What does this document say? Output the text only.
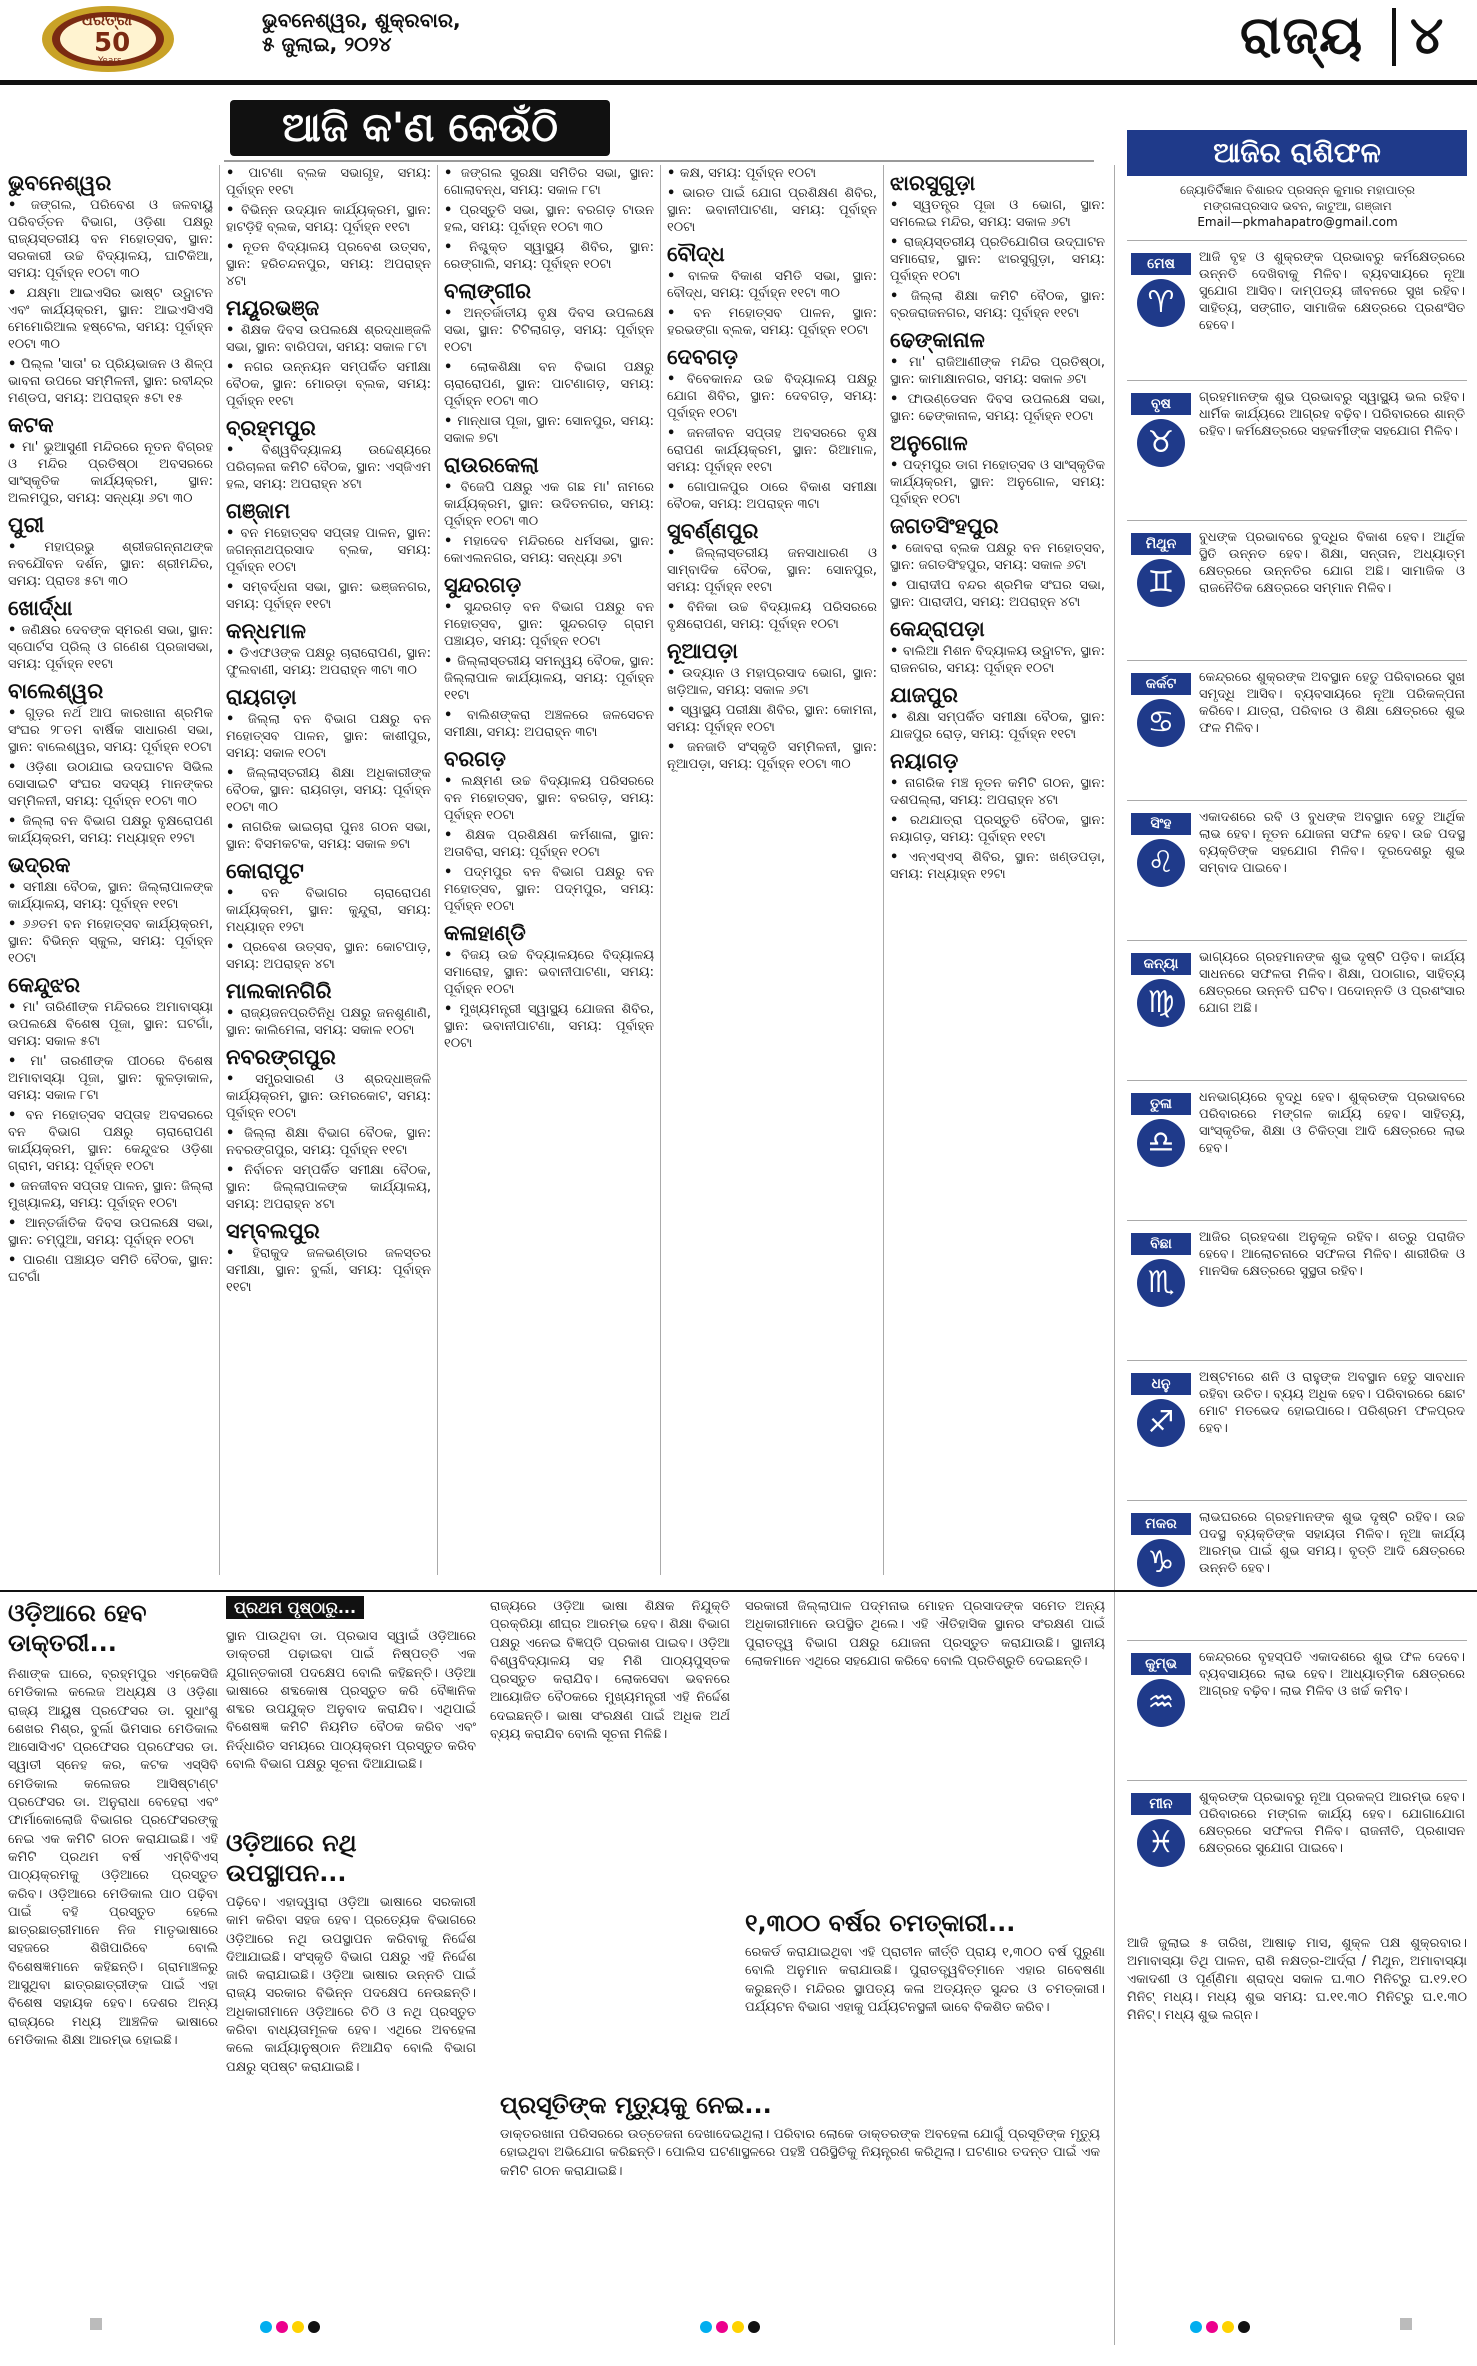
ଧରିତ୍ରୀ
50
Years
ଭୁବନେଶ୍ୱର, ଶୁକ୍ରବାର,
୫ ଜୁଲାଇ, ୨୦୨୪	ରାଜ୍ୟ ୪
ଆଜି କ'ଣ କେଉଁଠି
ଭୁବନେଶ୍ୱର
• ଜଙ୍ଗଲ, ପରିବେଶ ଓ ଜଳବାୟୁ ପରିବର୍ତ୍ତନ ବିଭାଗ, ଓଡ଼ିଶା ପକ୍ଷରୁ ରାଜ୍ୟସ୍ତରୀୟ ବନ ମହୋତ୍ସବ, ସ୍ଥାନ: ସରକାରୀ ଉଚ୍ଚ ବିଦ୍ୟାଳୟ, ଘାଟିକିଆ, ସମୟ: ପୂର୍ବାହ୍ନ ୧୦ଟା ୩୦
• ଯକ୍ଷ୍ମା ଆଇଏସିର ଭାଷ୍ଟ ଉଦ୍ଘାଟନ ଏବଂ କାର୍ଯ୍ୟକ୍ରମ, ସ୍ଥାନ: ଆଇଏସିଏସି ମେମୋରିଆଲ ହଷ୍ଟେଲ, ସମୟ: ପୂର୍ବାହ୍ନ ୧୦ଟା ୩୦
• ପିଲ୍ଲ 'ସାତା' ର ପ୍ରିୟଭାଜନ ଓ ଶିଳ୍ପ ଭାବନା ଉପରେ ସମ୍ମିଳନୀ, ସ୍ଥାନ: ରବୀନ୍ଦ୍ର ମଣ୍ଡପ, ସମୟ: ଅପରାହ୍ନ ୫ଟା ୧୫
କଟକ
• ମା' ଭୁଆସୁଣୀ ମନ୍ଦିରରେ ନୂତନ ବିଗ୍ରହ ଓ ମନ୍ଦିର ପ୍ରତିଷ୍ଠା ଅବସରରେ ସାଂସ୍କୃତିକ କାର୍ଯ୍ୟକ୍ରମ, ସ୍ଥାନ: ଅଲମପୁର, ସମୟ: ସନ୍ଧ୍ୟା ୬ଟା ୩୦
ପୁରୀ
• ମହାପ୍ରଭୁ ଶ୍ରୀଜଗନ୍ନାଥଙ୍କ ନବଯୌବନ ଦର୍ଶନ, ସ୍ଥାନ: ଶ୍ରୀମନ୍ଦିର, ସମୟ: ପ୍ରାତଃ ୫ଟା ୩୦
ଖୋର୍ଦ୍ଧା
• ଜଣିକ୍ଷର ଦେବଙ୍କ ସ୍ମରଣ ସଭା, ସ୍ଥାନ: ସ୍ପୋର୍ଟସ ପ୍ରିଲ୍ ଓ ଗଣେଶ ପ୍ରଜାସଭା, ସମୟ: ପୂର୍ବାହ୍ନ ୧୧ଟା
ବାଲେଶ୍ୱର
• ଗୁଡ଼ର ନର୍ଥ ଆପ କାରଖାନା ଶ୍ରମିକ ସଂଘର ୨୮ତମ ବାର୍ଷିକ ସାଧାରଣ ସଭା, ସ୍ଥାନ: ବାଲେଶ୍ୱର, ସମୟ: ପୂର୍ବାହ୍ନ ୧୦ଟା
• ଓଡ଼ିଶା ଉଠାଯାଇ ଉଦଘାଟନ ସିଭିଲ ସୋସାଇଟି ସଂଘର ସଦସ୍ୟ ମାନଙ୍କର ସମ୍ମିଳନୀ, ସମୟ: ପୂର୍ବାହ୍ନ ୧୦ଟା ୩୦
• ଜିଲ୍ଲା ବନ ବିଭାଗ ପକ୍ଷରୁ ବୃକ୍ଷରୋପଣ କାର୍ଯ୍ୟକ୍ରମ, ସମୟ: ମଧ୍ୟାହ୍ନ ୧୨ଟା
ଭଦ୍ରକ
• ସମୀକ୍ଷା ବୈଠକ, ସ୍ଥାନ: ଜିଲ୍ଲାପାଳଙ୍କ କାର୍ଯ୍ୟାଳୟ, ସମୟ: ପୂର୍ବାହ୍ନ ୧୧ଟା
• ୬୬ତମ ବନ ମହୋତ୍ସବ କାର୍ଯ୍ୟକ୍ରମ, ସ୍ଥାନ: ବିଭିନ୍ନ ସ୍କୁଲ, ସମୟ: ପୂର୍ବାହ୍ନ ୧୦ଟା
କେନ୍ଦୁଝର
• ମା' ତାରିଣୀଙ୍କ ମନ୍ଦିରରେ ଅମାବାସ୍ୟା ଉପଲକ୍ଷେ ବିଶେଷ ପୂଜା, ସ୍ଥାନ: ଘଟଗାଁ, ସମୟ: ସକାଳ ୫ଟା
• ମା' ତାରଣୀଙ୍କ ପୀଠରେ ବିଶେଷ ଅମାବାସ୍ୟା ପୂଜା, ସ୍ଥାନ: କୁଳଡ଼ାକାଳ, ସମୟ: ସକାଳ ୮ଟା
• ବନ ମହୋତ୍ସବ ସପ୍ତାହ ଅବସରରେ ବନ ବିଭାଗ ପକ୍ଷରୁ ଚାରାରୋପଣ କାର୍ଯ୍ୟକ୍ରମ, ସ୍ଥାନ: କେନ୍ଦୁଝର ଓଡ଼ିଶା ଗ୍ରାମ, ସମୟ: ପୂର୍ବାହ୍ନ ୧୦ଟା
• ଜନଜୀବନ ସପ୍ତାହ ପାଳନ, ସ୍ଥାନ: ଜିଲ୍ଲା ମୁଖ୍ୟାଳୟ, ସମୟ: ପୂର୍ବାହ୍ନ ୧୦ଟା
• ଆନ୍ତର୍ଜାତିକ ଦିବସ ଉପଲକ୍ଷେ ସଭା, ସ୍ଥାନ: ଚମ୍ପୁଆ, ସମୟ: ପୂର୍ବାହ୍ନ ୧୦ଟା
• ପାରଣା ପଞ୍ଚାୟତ ସମିତି ବୈଠକ, ସ୍ଥାନ: ଘଟଗାଁ
• ପାଟଣା ବ୍ଲକ ସଭାଗୃହ, ସମୟ: ପୂର୍ବାହ୍ନ ୧୧ଟା
• ବିଭିନ୍ନ ଉଦ୍ୟାନ କାର୍ଯ୍ୟକ୍ରମ, ସ୍ଥାନ: ହାଟଡ଼ିହି ବ୍ଲକ, ସମୟ: ପୂର୍ବାହ୍ନ ୧୧ଟା
• ନୂତନ ବିଦ୍ୟାଳୟ ପ୍ରବେଶ ଉତ୍ସବ, ସ୍ଥାନ: ହରିଚନ୍ଦନପୁର, ସମୟ: ଅପରାହ୍ନ ୪ଟା
ମୟୂରଭଞ୍ଜ
• ଶିକ୍ଷକ ଦିବସ ଉପଲକ୍ଷେ ଶ୍ରଦ୍ଧାଞ୍ଜଳି ସଭା, ସ୍ଥାନ: ବାରିପଦା, ସମୟ: ସକାଳ ୮ଟା
• ନଗର ଉନ୍ନୟନ ସମ୍ପର୍କିତ ସମୀକ୍ଷା ବୈଠକ, ସ୍ଥାନ: ମୋରଡ଼ା ବ୍ଲକ, ସମୟ: ପୂର୍ବାହ୍ନ ୧୧ଟା
ବ୍ରହ୍ମପୁର
• ବିଶ୍ୱବିଦ୍ୟାଳୟ ଉଦ୍ଦେଶ୍ୟରେ ପରିଚାଳନା କମିଟି ବୈଠକ, ସ୍ଥାନ: ଏସ୍‌ଜିଏମ ହଲ, ସମୟ: ଅପରାହ୍ନ ୪ଟା
ଗଞ୍ଜାମ
• ବନ ମହୋତ୍ସବ ସପ୍ତାହ ପାଳନ, ସ୍ଥାନ: ଜଗନ୍ନାଥପ୍ରସାଦ ବ୍ଲକ, ସମୟ: ପୂର୍ବାହ୍ନ ୧୦ଟା
• ସମ୍ବର୍ଦ୍ଧନା ସଭା, ସ୍ଥାନ: ଭଞ୍ଜନଗର, ସମୟ: ପୂର୍ବାହ୍ନ ୧୧ଟା
କନ୍ଧମାଳ
• ଡିଏଫଓଙ୍କ ପକ୍ଷରୁ ଚାରାରୋପଣ, ସ୍ଥାନ: ଫୁଲବାଣୀ, ସମୟ: ଅପରାହ୍ନ ୩ଟା ୩୦
ରାୟଗଡ଼ା
• ଜିଲ୍ଲା ବନ ବିଭାଗ ପକ୍ଷରୁ ବନ ମହୋତ୍ସବ ପାଳନ, ସ୍ଥାନ: କାଶୀପୁର, ସମୟ: ସକାଳ ୧୦ଟା
• ଜିଲ୍ଲାସ୍ତରୀୟ ଶିକ୍ଷା ଅଧିକାରୀଙ୍କ ବୈଠକ, ସ୍ଥାନ: ରାୟଗଡ଼ା, ସମୟ: ପୂର୍ବାହ୍ନ ୧୦ଟା ୩୦
• ନାଗରିକ ଭାଇଚାରା ପୁନଃ ଗଠନ ସଭା, ସ୍ଥାନ: ବିସମକଟକ, ସମୟ: ସକାଳ ୭ଟା
କୋରାପୁଟ
• ବନ ବିଭାଗର ଚାରାରୋପଣ କାର୍ଯ୍ୟକ୍ରମ, ସ୍ଥାନ: କୁନ୍ଦୁରା, ସମୟ: ମଧ୍ୟାହ୍ନ ୧୨ଟା
• ପ୍ରବେଶ ଉତ୍ସବ, ସ୍ଥାନ: କୋଟପାଡ଼, ସମୟ: ଅପରାହ୍ନ ୪ଟା
ମାଲକାନଗିରି
• ରାଜ୍ୟଜନପ୍ରତିନିଧି ପକ୍ଷରୁ ଜନଶୁଣାଣି, ସ୍ଥାନ: କାଲିମେଳା, ସମୟ: ସକାଳ ୧୦ଟା
ନବରଙ୍ଗପୁର
• ସମ୍ପ୍ରସାରଣ ଓ ଶ୍ରଦ୍ଧାଞ୍ଜଳି କାର୍ଯ୍ୟକ୍ରମ, ସ୍ଥାନ: ଉମରକୋଟ, ସମୟ: ପୂର୍ବାହ୍ନ ୧୦ଟା
• ଜିଲ୍ଲା ଶିକ୍ଷା ବିଭାଗ ବୈଠକ, ସ୍ଥାନ: ନବରଙ୍ଗପୁର, ସମୟ: ପୂର୍ବାହ୍ନ ୧୧ଟା
• ନିର୍ବାଚନ ସମ୍ପର୍କିତ ସମୀକ୍ଷା ବୈଠକ, ସ୍ଥାନ: ଜିଲ୍ଲାପାଳଙ୍କ କାର୍ଯ୍ୟାଳୟ, ସମୟ: ଅପରାହ୍ନ ୪ଟା
ସମ୍ବଲପୁର
• ହିରାକୁଦ ଜଳଭଣ୍ଡାର ଜଳସ୍ତର ସମୀକ୍ଷା, ସ୍ଥାନ: ବୁର୍ଲା, ସମୟ: ପୂର୍ବାହ୍ନ ୧୧ଟା
• ଜଙ୍ଗଲ ସୁରକ୍ଷା ସମିତିର ସଭା, ସ୍ଥାନ: ଗୋଲାବନ୍ଧ, ସମୟ: ସକାଳ ୮ଟା
• ପ୍ରସ୍ତୁତି ସଭା, ସ୍ଥାନ: ବରଗଡ଼ ଟାଉନ ହଲ, ସମୟ: ପୂର୍ବାହ୍ନ ୧୦ଟା ୩୦
• ନିଶ୍ଚୁକ୍ତ ସ୍ୱାସ୍ଥ୍ୟ ଶିବିର, ସ୍ଥାନ: ରେଙ୍ଗାଲି, ସମୟ: ପୂର୍ବାହ୍ନ ୧୦ଟା
ବଲାଙ୍ଗୀର
• ଅନ୍ତର୍ଜାତୀୟ ବୃକ୍ଷ ଦିବସ ଉପଲକ୍ଷେ ସଭା, ସ୍ଥାନ: ଟିଟିଲାଗଡ଼, ସମୟ: ପୂର୍ବାହ୍ନ ୧୦ଟା
• ଲୋକଶିକ୍ଷା ବନ ବିଭାଗ ପକ୍ଷରୁ ଚାରାରୋପଣ, ସ୍ଥାନ: ପାଟଣାଗଡ଼, ସମୟ: ପୂର୍ବାହ୍ନ ୧୦ଟା ୩୦
• ମାନ୍ଧାତା ପୂଜା, ସ୍ଥାନ: ସୋନପୁର, ସମୟ: ସକାଳ ୭ଟା
ରାଉରକେଲା
• ବିଜେପି ପକ୍ଷରୁ ଏକ ଗଛ ମା' ନାମରେ କାର୍ଯ୍ୟକ୍ରମ, ସ୍ଥାନ: ଉଦିତନଗର, ସମୟ: ପୂର୍ବାହ୍ନ ୧୦ଟା ୩୦
• ମହାଦେବ ମନ୍ଦିରରେ ଧର୍ମସଭା, ସ୍ଥାନ: କୋଏଲନଗର, ସମୟ: ସନ୍ଧ୍ୟା ୬ଟା
ସୁନ୍ଦରଗଡ଼
• ସୁନ୍ଦରଗଡ଼ ବନ ବିଭାଗ ପକ୍ଷରୁ ବନ ମହୋତ୍ସବ, ସ୍ଥାନ: ସୁନ୍ଦରଗଡ଼ ଗ୍ରାମ ପଞ୍ଚାୟତ, ସମୟ: ପୂର୍ବାହ୍ନ ୧୦ଟା
• ଜିଲ୍ଲାସ୍ତରୀୟ ସମନ୍ୱୟ ବୈଠକ, ସ୍ଥାନ: ଜିଲ୍ଲାପାଳ କାର୍ଯ୍ୟାଳୟ, ସମୟ: ପୂର୍ବାହ୍ନ ୧୧ଟା
• ବାଲିଶଙ୍କରା ଅଞ୍ଚଳରେ ଜଳସେଚନ ସମୀକ୍ଷା, ସମୟ: ଅପରାହ୍ନ ୩ଟା
ବରଗଡ଼
• ଲକ୍ଷ୍ମଣ ଉଚ୍ଚ ବିଦ୍ୟାଳୟ ପରିସରରେ ବନ ମହୋତ୍ସବ, ସ୍ଥାନ: ବରଗଡ଼, ସମୟ: ପୂର୍ବାହ୍ନ ୧୦ଟା
• ଶିକ୍ଷକ ପ୍ରଶିକ୍ଷଣ କର୍ମଶାଳା, ସ୍ଥାନ: ଅତାବିରା, ସମୟ: ପୂର୍ବାହ୍ନ ୧୦ଟା
• ପଦ୍ମପୁର ବନ ବିଭାଗ ପକ୍ଷରୁ ବନ ମହୋତ୍ସବ, ସ୍ଥାନ: ପଦ୍ମପୁର, ସମୟ: ପୂର୍ବାହ୍ନ ୧୦ଟା
କଳାହାଣ୍ଡି
• ବିଜୟ ଉଚ୍ଚ ବିଦ୍ୟାଳୟରେ ବିଦ୍ୟାଳୟ ସମାରୋହ, ସ୍ଥାନ: ଭବାନୀପାଟଣା, ସମୟ: ପୂର୍ବାହ୍ନ ୧୦ଟା
• ମୁଖ୍ୟମନ୍ତ୍ରୀ ସ୍ୱାସ୍ଥ୍ୟ ଯୋଜନା ଶିବିର, ସ୍ଥାନ: ଭବାନୀପାଟଣା, ସମୟ: ପୂର୍ବାହ୍ନ ୧୦ଟା
• କକ୍ଷ, ସମୟ: ପୂର୍ବାହ୍ନ ୧୦ଟା
• ଭାରତ ପାଇଁ ଯୋଗ ପ୍ରଶିକ୍ଷଣ ଶିବିର, ସ୍ଥାନ: ଭବାନୀପାଟଣା, ସମୟ: ପୂର୍ବାହ୍ନ ୧୦ଟା
ବୌଦ୍ଧ
• ବାଳକ ବିକାଶ ସମିତି ସଭା, ସ୍ଥାନ: ବୌଦ୍ଧ, ସମୟ: ପୂର୍ବାହ୍ନ ୧୧ଟା ୩୦
• ବନ ମହୋତ୍ସବ ପାଳନ, ସ୍ଥାନ: ହରଭଙ୍ଗା ବ୍ଲକ, ସମୟ: ପୂର୍ବାହ୍ନ ୧୦ଟା
ଦେବଗଡ଼
• ବିବେକାନନ୍ଦ ଉଚ୍ଚ ବିଦ୍ୟାଳୟ ପକ୍ଷରୁ ଯୋଗ ଶିବିର, ସ୍ଥାନ: ଦେବଗଡ଼, ସମୟ: ପୂର୍ବାହ୍ନ ୧୦ଟା
• ଜନଜୀବନ ସପ୍ତାହ ଅବସରରେ ବୃକ୍ଷ ରୋପଣ କାର୍ଯ୍ୟକ୍ରମ, ସ୍ଥାନ: ରିଆମାଳ, ସମୟ: ପୂର୍ବାହ୍ନ ୧୧ଟା
• ଗୋପାଳପୁର ଠାରେ ବିକାଶ ସମୀକ୍ଷା ବୈଠକ, ସମୟ: ଅପରାହ୍ନ ୩ଟା
ସୁବର୍ଣ୍ଣପୁର
• ଜିଲ୍ଲାସ୍ତରୀୟ ଜନସାଧାରଣ ଓ ସାମ୍ବାଦିକ ବୈଠକ, ସ୍ଥାନ: ସୋନପୁର, ସମୟ: ପୂର୍ବାହ୍ନ ୧୧ଟା
• ବିନିକା ଉଚ୍ଚ ବିଦ୍ୟାଳୟ ପରିସରରେ ବୃକ୍ଷରୋପଣ, ସମୟ: ପୂର୍ବାହ୍ନ ୧୦ଟା
ନୂଆପଡ଼ା
• ଉଦ୍ୟାନ ଓ ମହାପ୍ରସାଦ ଭୋଗ, ସ୍ଥାନ: ଖଡ଼ିଆଳ, ସମୟ: ସକାଳ ୬ଟା
• ସ୍ୱାସ୍ଥ୍ୟ ପରୀକ୍ଷା ଶିବିର, ସ୍ଥାନ: କୋମନା, ସମୟ: ପୂର୍ବାହ୍ନ ୧୦ଟା
• ଜନଜାତି ସଂସ୍କୃତି ସମ୍ମିଳନୀ, ସ୍ଥାନ: ନୂଆପଡ଼ା, ସମୟ: ପୂର୍ବାହ୍ନ ୧୦ଟା ୩୦
ଝାରସୁଗୁଡ଼ା
• ସ୍ୱତନ୍ତ୍ର ପୂଜା ଓ ଭୋଗ, ସ୍ଥାନ: ସମଲେଇ ମନ୍ଦିର, ସମୟ: ସକାଳ ୬ଟା
• ରାଜ୍ୟସ୍ତରୀୟ ପ୍ରତିଯୋଗିତା ଉଦ୍‌ଘାଟନ ସମାରୋହ, ସ୍ଥାନ: ଝାରସୁଗୁଡ଼ା, ସମୟ: ପୂର୍ବାହ୍ନ ୧୦ଟା
• ଜିଲ୍ଲା ଶିକ୍ଷା କମିଟି ବୈଠକ, ସ୍ଥାନ: ବ୍ରଜରାଜନଗର, ସମୟ: ପୂର୍ବାହ୍ନ ୧୧ଟା
ଢେଙ୍କାନାଳ
• ମା' ରାଜିଆଣୀଙ୍କ ମନ୍ଦିର ପ୍ରତିଷ୍ଠା, ସ୍ଥାନ: କାମାକ୍ଷାନଗର, ସମୟ: ସକାଳ ୬ଟା
• ଫାଉଣ୍ଡେସନ ଦିବସ ଉପଲକ୍ଷେ ସଭା, ସ୍ଥାନ: ଢେଙ୍କାନାଳ, ସମୟ: ପୂର୍ବାହ୍ନ ୧୦ଟା
ଅନୁଗୋଳ
• ପଦ୍ମପୁର ଡାଗ ମହୋତ୍ସବ ଓ ସାଂସ୍କୃତିକ କାର୍ଯ୍ୟକ୍ରମ, ସ୍ଥାନ: ଅନୁଗୋଳ, ସମୟ: ପୂର୍ବାହ୍ନ ୧୦ଟା
ଜଗତସିଂହପୁର
• ଜୋବରା ବ୍ଲକ ପକ୍ଷରୁ ବନ ମହୋତ୍ସବ, ସ୍ଥାନ: ଜଗତସିଂହପୁର, ସମୟ: ସକାଳ ୬ଟା
• ପାରାଦୀପ ବନ୍ଦର ଶ୍ରମିକ ସଂଘର ସଭା, ସ୍ଥାନ: ପାରାଦୀପ, ସମୟ: ଅପରାହ୍ନ ୪ଟା
କେନ୍ଦ୍ରାପଡ଼ା
• ବାଲିଆ ମିଶନ ବିଦ୍ୟାଳୟ ଉଦ୍ଘାଟନ, ସ୍ଥାନ: ରାଜନଗର, ସମୟ: ପୂର୍ବାହ୍ନ ୧୦ଟା
ଯାଜପୁର
• ଶିକ୍ଷା ସମ୍ପର୍କିତ ସମୀକ୍ଷା ବୈଠକ, ସ୍ଥାନ: ଯାଜପୁର ରୋଡ଼, ସମୟ: ପୂର୍ବାହ୍ନ ୧୧ଟା
ନୟାଗଡ଼
• ନାଗରିକ ମଞ୍ଚ ନୂତନ କମିଟି ଗଠନ, ସ୍ଥାନ: ଦଶପଲ୍ଲା, ସମୟ: ଅପରାହ୍ନ ୪ଟା
• ରଥଯାତ୍ରା ପ୍ରସ୍ତୁତି ବୈଠକ, ସ୍ଥାନ: ନୟାଗଡ଼, ସମୟ: ପୂର୍ବାହ୍ନ ୧୧ଟା
• ଏନ୍‌ଏସ୍‌ଏସ୍ ଶିବିର, ସ୍ଥାନ: ଖଣ୍ଡପଡ଼ା, ସମୟ: ମଧ୍ୟାହ୍ନ ୧୨ଟା
ଆଜିର ରାଶିଫଳ
ଜ୍ୟୋତିର୍ବିଜ୍ଞାନ ବିଶାରଦ ପ୍ରସନ୍ନ କୁମାର ମହାପାତ୍ର
ମଙ୍ଗଳାପ୍ରସାଦ ଭବନ, କାଟୁଆ, ଗଞ୍ଜାମ
Email—pkmahapatro@gmail.com
ମେଷ
♈
ଆଜି ବୃହ ଓ ଶୁକ୍ରଙ୍କ ପ୍ରଭାବରୁ କର୍ମକ୍ଷେତ୍ରରେ ଉନ୍ନତି ଦେଖିବାକୁ ମିଳିବ। ବ୍ୟବସାୟରେ ନୂଆ ସୁଯୋଗ ଆସିବ। ଦାମ୍ପତ୍ୟ ଜୀବନରେ ସୁଖ ରହିବ। ସାହିତ୍ୟ, ସଙ୍ଗୀତ, ସାମାଜିକ କ୍ଷେତ୍ରରେ ପ୍ରଶଂସିତ ହେବେ।
ବୃଷ
♉
ଗ୍ରହମାନଙ୍କ ଶୁଭ ପ୍ରଭାବରୁ ସ୍ୱାସ୍ଥ୍ୟ ଭଲ ରହିବ। ଧାର୍ମିକ କାର୍ଯ୍ୟରେ ଆଗ୍ରହ ବଢ଼ିବ। ପରିବାରରେ ଶାନ୍ତି ରହିବ। କର୍ମକ୍ଷେତ୍ରରେ ସହକର୍ମୀଙ୍କ ସହଯୋଗ ମିଳିବ।
ମିଥୁନ
♊
ବୁଧଙ୍କ ପ୍ରଭାବରେ ବୁଦ୍ଧିର ବିକାଶ ହେବ। ଆର୍ଥିକ ସ୍ଥିତି ଉନ୍ନତ ହେବ। ଶିକ୍ଷା, ସନ୍ତାନ, ଅଧ୍ୟାତ୍ମ କ୍ଷେତ୍ରରେ ଉନ୍ନତିର ଯୋଗ ଅଛି। ସାମାଜିକ ଓ ରାଜନୈତିକ କ୍ଷେତ୍ରରେ ସମ୍ମାନ ମିଳିବ।
କର୍କଟ
♋
କେନ୍ଦ୍ରରେ ଶୁକ୍ରଙ୍କ ଅବସ୍ଥାନ ହେତୁ ପରିବାରରେ ସୁଖ ସମୃଦ୍ଧି ଆସିବ। ବ୍ୟବସାୟରେ ନୂଆ ପରିକଳ୍ପନା କରିବେ। ଯାତ୍ରା, ପରିବାର ଓ ଶିକ୍ଷା କ୍ଷେତ୍ରରେ ଶୁଭ ଫଳ ମିଳିବ।
ସିଂହ
♌
ଏକାଦଶରେ ରବି ଓ ବୁଧଙ୍କ ଅବସ୍ଥାନ ହେତୁ ଆର୍ଥିକ ଲାଭ ହେବ। ନୂତନ ଯୋଜନା ସଫଳ ହେବ। ଉଚ୍ଚ ପଦସ୍ଥ ବ୍ୟକ୍ତିଙ୍କ ସହଯୋଗ ମିଳିବ। ଦୂରଦେଶରୁ ଶୁଭ ସମ୍ବାଦ ପାଇବେ।
କନ୍ୟା
♍
ଭାଗ୍ୟରେ ଗ୍ରହମାନଙ୍କ ଶୁଭ ଦୃଷ୍ଟି ପଡ଼ିବ। କାର୍ଯ୍ୟ ସାଧନରେ ସଫଳତା ମିଳିବ। ଶିକ୍ଷା, ପଠାଗାର, ସାହିତ୍ୟ କ୍ଷେତ୍ରରେ ଉନ୍ନତି ଘଟିବ। ପଦୋନ୍ନତି ଓ ପ୍ରଶଂସାର ଯୋଗ ଅଛି।
ତୁଳା
♎
ଧନଭାଗ୍ୟରେ ବୃଦ୍ଧି ହେବ। ଶୁକ୍ରଙ୍କ ପ୍ରଭାବରେ ପରିବାରରେ ମଙ୍ଗଳ କାର୍ଯ୍ୟ ହେବ। ସାହିତ୍ୟ, ସାଂସ୍କୃତିକ, ଶିକ୍ଷା ଓ ଚିକିତ୍ସା ଆଦି କ୍ଷେତ୍ରରେ ଲାଭ ହେବ।
ବିଛା
♏
ଆଜିର ଗ୍ରହଦଶା ଅନୁକୂଳ ରହିବ। ଶତ୍ରୁ ପରାଜିତ ହେବେ। ଆଲୋଚନାରେ ସଫଳତା ମିଳିବ। ଶାରୀରିକ ଓ ମାନସିକ କ୍ଷେତ୍ରରେ ସୁସ୍ଥତା ରହିବ।
ଧନୁ
♐
ଅଷ୍ଟମରେ ଶନି ଓ ରାହୁଙ୍କ ଅବସ୍ଥାନ ହେତୁ ସାବଧାନ ରହିବା ଉଚିତ। ବ୍ୟୟ ଅଧିକ ହେବ। ପରିବାରରେ ଛୋଟ ମୋଟ ମତଭେଦ ହୋଇପାରେ। ପରିଶ୍ରମ ଫଳପ୍ରଦ ହେବ।
ମକର
♑
ଲାଭଘରରେ ଗ୍ରହମାନଙ୍କ ଶୁଭ ଦୃଷ୍ଟି ରହିବ। ଉଚ୍ଚ ପଦସ୍ଥ ବ୍ୟକ୍ତିଙ୍କ ସହାୟତା ମିଳିବ। ନୂଆ କାର୍ଯ୍ୟ ଆରମ୍ଭ ପାଇଁ ଶୁଭ ସମୟ। ବୃତ୍ତି ଆଦି କ୍ଷେତ୍ରରେ ଉନ୍ନତି ହେବ।
କୁମ୍ଭ
♒
କେନ୍ଦ୍ରରେ ବୃହସ୍ପତି ଏକାଦଶରେ ଶୁଭ ଫଳ ଦେବେ। ବ୍ୟବସାୟରେ ଲାଭ ହେବ। ଆଧ୍ୟାତ୍ମିକ କ୍ଷେତ୍ରରେ ଆଗ୍ରହ ବଢ଼ିବ। ଲାଭ ମିଳିବ ଓ ଖର୍ଚ୍ଚ କମିବ।
ମୀନ
♓
ଶୁକ୍ରଙ୍କ ପ୍ରଭାବରୁ ନୂଆ ପ୍ରକଳ୍ପ ଆରମ୍ଭ ହେବ। ପରିବାରରେ ମଙ୍ଗଳ କାର୍ଯ୍ୟ ହେବ। ଯୋଗାଯୋଗ କ୍ଷେତ୍ରରେ ସଫଳତା ମିଳିବ। ରାଜନୀତି, ପ୍ରଶାସନ କ୍ଷେତ୍ରରେ ସୁଯୋଗ ପାଇବେ।
ଆଜି ଜୁଲାଇ ୫ ତାରିଖ, ଆଷାଢ଼ ମାସ, ଶୁକ୍ଳ ପକ୍ଷ ଶୁକ୍ରବାର। ଅମାବାସ୍ୟା ତିଥି ପାଳନ, ରାଶି ନକ୍ଷତ୍ର-ଆର୍ଦ୍ରା / ମିଥୁନ, ଅମାବାସ୍ୟା ଏକାଦଶୀ ଓ ପୂର୍ଣ୍ଣିମା ଶ୍ରାଦ୍ଧ ସକାଳ ଘ.୩୦ ମିନିଟ୍ରୁ ଘ.୧୨.୧୦ ମିନିଟ୍ ମଧ୍ୟ। ମଧ୍ୟ ଶୁଭ ସମୟ: ଘ.୧୧.୩୦ ମିନିଟ୍ରୁ ଘ.୧.୩୦ ମିନିଟ୍। ମଧ୍ୟ ଶୁଭ ଲଗ୍ନ।
ଓଡ଼ିଆରେ ହେବ ଡାକ୍ତରୀ...
ନିଶାଙ୍କ ଘାରେ, ବ୍ରହ୍ମପୁର ଏମ୍‌କେସିଜି ମେଡିକାଲ କଲେଜ ଅଧ୍ୟକ୍ଷ ଓ ଓଡ଼ିଶା ରାଜ୍ୟ ଆୟୁଷ ପ୍ରଫେସର ଡା. ସୁଧାଂଶୁ ଶେଖର ମିଶ୍ର, ବୁର୍ଲା ଭିମସାର ମେଡିକାଲ ଆସୋସିଏଟ ପ୍ରଫେସର ପ୍ରଫେସର ଡା. ସ୍ୱାତୀ ସ୍ନେହ କର, କଟକ ଏସ୍‌ସିବି ମେଡିକାଲ କଲେଜର ଆସିଷ୍ଟାଣ୍ଟ ପ୍ରଫେସର ଡା. ଅନୁରାଧା ବେହେରା ଏବଂ ଫାର୍ମାକୋଲୋଜି ବିଭାଗର ପ୍ରଫେସରଙ୍କୁ ନେଇ ଏକ କମିଟି ଗଠନ କରାଯାଇଛି। ଏହି କମିଟି ପ୍ରଥମ ବର୍ଷ ଏମ୍‌ବିବିଏସ୍ ପାଠ୍ୟକ୍ରମକୁ ଓଡ଼ିଆରେ ପ୍ରସ୍ତୁତ କରିବ। ଓଡ଼ିଆରେ ମେଡିକାଲ ପାଠ ପଢ଼ିବା ପାଇଁ ବହି ପ୍ରସ୍ତୁତ ହେଲେ ଛାତ୍ରଛାତ୍ରୀମାନେ ନିଜ ମାତୃଭାଷାରେ ସହଜରେ ଶିଖିପାରିବେ ବୋଲି ବିଶେଷଜ୍ଞମାନେ କହିଛନ୍ତି। ଗ୍ରାମାଞ୍ଚଳରୁ ଆସୁଥିବା ଛାତ୍ରଛାତ୍ରୀଙ୍କ ପାଇଁ ଏହା ବିଶେଷ ସହାୟକ ହେବ। ଦେଶର ଅନ୍ୟ ରାଜ୍ୟରେ ମଧ୍ୟ ଆଞ୍ଚଳିକ ଭାଷାରେ ମେଡିକାଲ ଶିକ୍ଷା ଆରମ୍ଭ ହୋଇଛି।
ପ୍ରଥମ ପୃଷ୍ଠାରୁ...
ସ୍ଥାନ ପାଉଥିବା ଡା. ପ୍ରଭାସ ସ୍ୱାଇଁ ଓଡ଼ିଆରେ ଡାକ୍ତରୀ ପଢ଼ାଇବା ପାଇଁ ନିଷ୍ପତ୍ତି ଏକ ଯୁଗାନ୍ତକାରୀ ପଦକ୍ଷେପ ବୋଲି କହିଛନ୍ତି। ଓଡ଼ିଆ ଭାଷାରେ ଶବ୍ଦକୋଷ ପ୍ରସ୍ତୁତ କରି ବୈଜ୍ଞାନିକ ଶବ୍ଦର ଉପଯୁକ୍ତ ଅନୁବାଦ କରାଯିବ। ଏଥିପାଇଁ ବିଶେଷଜ୍ଞ କମିଟି ନିୟମିତ ବୈଠକ କରିବ ଏବଂ ନିର୍ଦ୍ଧାରିତ ସମୟରେ ପାଠ୍ୟକ୍ରମ ପ୍ରସ୍ତୁତ କରିବ ବୋଲି ବିଭାଗ ପକ୍ଷରୁ ସୂଚନା ଦିଆଯାଇଛି।
ଓଡ଼ିଆରେ ନଥି ଉପସ୍ଥାପନ...
ପଢ଼ିବେ। ଏହାଦ୍ୱାରା ଓଡ଼ିଆ ଭାଷାରେ ସରକାରୀ କାମ କରିବା ସହଜ ହେବ। ପ୍ରତ୍ୟେକ ବିଭାଗରେ ଓଡ଼ିଆରେ ନଥି ଉପସ୍ଥାପନ କରିବାକୁ ନିର୍ଦ୍ଦେଶ ଦିଆଯାଇଛି। ସଂସ୍କୃତି ବିଭାଗ ପକ୍ଷରୁ ଏହି ନିର୍ଦ୍ଦେଶ ଜାରି କରାଯାଇଛି। ଓଡ଼ିଆ ଭାଷାର ଉନ୍ନତି ପାଇଁ ରାଜ୍ୟ ସରକାର ବିଭିନ୍ନ ପଦକ୍ଷେପ ନେଉଛନ୍ତି। ଅଧିକାରୀମାନେ ଓଡ଼ିଆରେ ଚିଠି ଓ ନଥି ପ୍ରସ୍ତୁତ କରିବା ବାଧ୍ୟତାମୂଳକ ହେବ। ଏଥିରେ ଅବହେଳା କଲେ କାର୍ଯ୍ୟାନୁଷ୍ଠାନ ନିଆଯିବ ବୋଲି ବିଭାଗ ପକ୍ଷରୁ ସ୍ପଷ୍ଟ କରାଯାଇଛି।
ରାଜ୍ୟରେ ଓଡ଼ିଆ ଭାଷା ଶିକ୍ଷକ ନିଯୁକ୍ତି ପ୍ରକ୍ରିୟା ଶୀଘ୍ର ଆରମ୍ଭ ହେବ। ଶିକ୍ଷା ବିଭାଗ ପକ୍ଷରୁ ଏନେଇ ବିଜ୍ଞପ୍ତି ପ୍ରକାଶ ପାଇବ। ଓଡ଼ିଆ ବିଶ୍ୱବିଦ୍ୟାଳୟ ସହ ମିଶି ପାଠ୍ୟପୁସ୍ତକ ପ୍ରସ୍ତୁତ କରାଯିବ। ଲୋକସେବା ଭବନରେ ଆୟୋଜିତ ବୈଠକରେ ମୁଖ୍ୟମନ୍ତ୍ରୀ ଏହି ନିର୍ଦ୍ଦେଶ ଦେଇଛନ୍ତି। ଭାଷା ସଂରକ୍ଷଣ ପାଇଁ ଅଧିକ ଅର୍ଥ ବ୍ୟୟ କରାଯିବ ବୋଲି ସୂଚନା ମିଳିଛି।
ସରକାରୀ ଜିଲ୍ଲାପାଳ ପଦ୍ମନାଭ ମୋହନ ପ୍ରସାଦଙ୍କ ସମେତ ଅନ୍ୟ ଅଧିକାରୀମାନେ ଉପସ୍ଥିତ ଥିଲେ। ଏହି ଐତିହାସିକ ସ୍ଥାନର ସଂରକ୍ଷଣ ପାଇଁ ପୁରାତତ୍ତ୍ୱ ବିଭାଗ ପକ୍ଷରୁ ଯୋଜନା ପ୍ରସ୍ତୁତ କରାଯାଉଛି। ସ୍ଥାନୀୟ ଲୋକମାନେ ଏଥିରେ ସହଯୋଗ କରିବେ ବୋଲି ପ୍ରତିଶ୍ରୁତି ଦେଇଛନ୍ତି।
୧,୩୦୦ ବର୍ଷର ଚମତ୍କାରୀ...
ରେକର୍ଡ କରାଯାଇଥିବା ଏହି ପ୍ରାଚୀନ କୀର୍ତ୍ତି ପ୍ରାୟ ୧,୩୦୦ ବର୍ଷ ପୁରୁଣା ବୋଲି ଅନୁମାନ କରାଯାଉଛି। ପୁରାତତ୍ତ୍ୱବିତ୍‌ମାନେ ଏହାର ଗବେଷଣା କରୁଛନ୍ତି। ମନ୍ଦିରର ସ୍ଥାପତ୍ୟ କଳା ଅତ୍ୟନ୍ତ ସୁନ୍ଦର ଓ ଚମତ୍କାରୀ। ପର୍ଯ୍ୟଟନ ବିଭାଗ ଏହାକୁ ପର୍ଯ୍ୟଟନସ୍ଥଳୀ ଭାବେ ବିକଶିତ କରିବ।
ପ୍ରସୂତିଙ୍କ ମୃତ୍ୟୁକୁ ନେଇ...
ଡାକ୍ତରଖାନା ପରିସରରେ ଉତ୍ତେଜନା ଦେଖାଦେଇଥିଲା। ପରିବାର ଲୋକେ ଡାକ୍ତରଙ୍କ ଅବହେଳା ଯୋଗୁଁ ପ୍ରସୂତିଙ୍କ ମୃତ୍ୟୁ ହୋଇଥିବା ଅଭିଯୋଗ କରିଛନ୍ତି। ପୋଲିସ ଘଟଣାସ୍ଥଳରେ ପହଞ୍ଚି ପରିସ୍ଥିତିକୁ ନିୟନ୍ତ୍ରଣ କରିଥିଲା। ଘଟଣାର ତଦନ୍ତ ପାଇଁ ଏକ କମିଟି ଗଠନ କରାଯାଇଛି।
